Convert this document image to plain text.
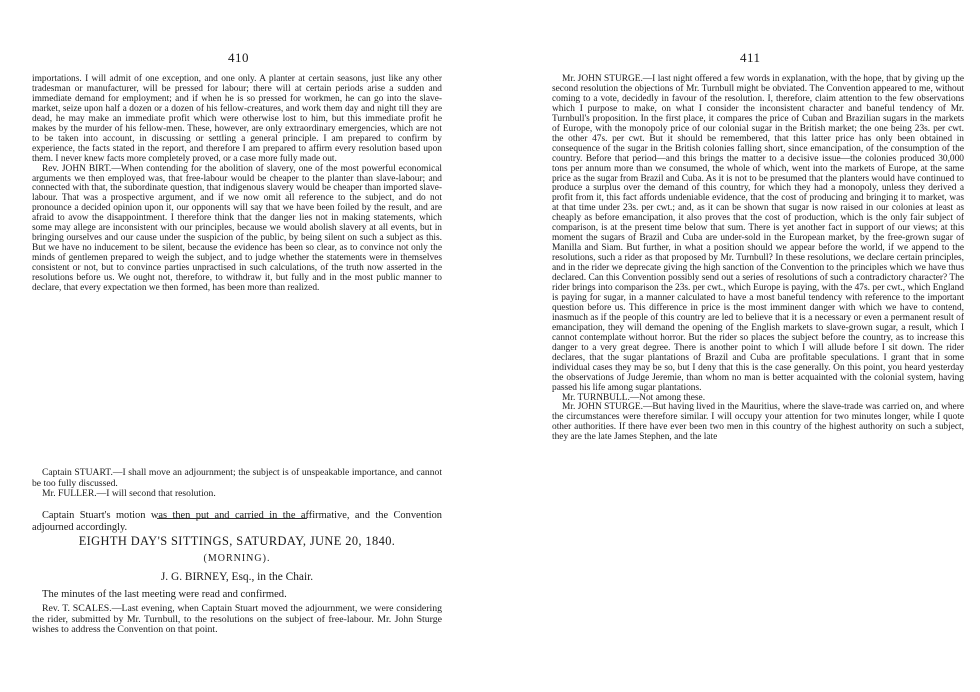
410

importations. I will admit of one exception, and one only. A planter at certain seasons, just like any other tradesman or manufacturer, will be pressed for labour; there will at certain periods arise a sudden and immediate demand for employment; and if when he is so pressed for workmen, he can go into the slave-market, seize upon half a dozen or a dozen of his fellow-creatures, and work them day and night till they are dead, he may make an immediate profit which were otherwise lost to him, but this immediate profit he makes by the murder of his fellow-men. These, however, are only extraordinary emergencies, which are not to be taken into account, in discussing or settling a general principle. I am prepared to confirm by experience, the facts stated in the report, and therefore I am prepared to affirm every resolution based upon them. I never knew facts more completely proved, or a case more fully made out.

Rev. JOHN BIRT.—When contending for the abolition of slavery, one of the most powerful economical arguments we then employed was, that free-labour would be cheaper to the planter than slave-labour; and connected with that, the subordinate question, that indigenous slavery would be cheaper than imported slave-labour. That was a prospective argument, and if we now omit all reference to the subject, and do not pronounce a decided opinion upon it, our opponents will say that we have been foiled by the result, and are afraid to avow the disappointment. I therefore think that the danger lies not in making statements, which some may allege are inconsistent with our principles, because we would abolish slavery at all events, but in bringing ourselves and our cause under the suspicion of the public, by being silent on such a subject as this. But we have no inducement to be silent, because the evidence has been so clear, as to convince not only the minds of gentlemen prepared to weigh the subject, and to judge whether the statements were in themselves consistent or not, but to convince parties unpractised in such calculations, of the truth now asserted in the resolutions before us. We ought not, therefore, to withdraw it, but fully and in the most public manner to declare, that every expectation we then formed, has been more than realized.

Captain STUART.—I shall move an adjournment; the subject is of unspeakable importance, and cannot be too fully discussed.

Mr. FULLER.—I will second that resolution.

Captain Stuart's motion was then put and carried in the affirmative, and the Convention adjourned accordingly.

EIGHTH DAY'S SITTINGS, SATURDAY, JUNE 20, 1840.
(MORNING).
J. G. BIRNEY, Esq., in the Chair.

The minutes of the last meeting were read and confirmed.

Rev. T. SCALES.—Last evening, when Captain Stuart moved the adjournment, we were considering the rider, submitted by Mr. Turnbull, to the resolutions on the subject of free-labour. Mr. John Sturge wishes to address the Convention on that point.

411

Mr. JOHN STURGE.—I last night offered a few words in explanation, with the hope, that by giving up the second resolution the objections of Mr. Turnbull might be obviated. The Convention appeared to me, without coming to a vote, decidedly in favour of the resolution. I, therefore, claim attention to the few observations which I purpose to make, on what I consider the inconsistent character and baneful tendency of Mr. Turnbull's proposition. In the first place, it compares the price of Cuban and Brazilian sugars in the markets of Europe, with the monopoly price of our colonial sugar in the British market; the one being 23s. per cwt. the other 47s. per cwt. But it should be remembered, that this latter price has only been obtained in consequence of the sugar in the British colonies falling short, since emancipation, of the consumption of the country. Before that period—and this brings the matter to a decisive issue—the colonies produced 30,000 tons per annum more than we consumed, the whole of which, went into the markets of Europe, at the same price as the sugar from Brazil and Cuba. As it is not to be presumed that the planters would have continued to produce a surplus over the demand of this country, for which they had a monopoly, unless they derived a profit from it, this fact affords undeniable evidence, that the cost of producing and bringing it to market, was at that time under 23s. per cwt.; and, as it can be shown that sugar is now raised in our colonies at least as cheaply as before emancipation, it also proves that the cost of production, which is the only fair subject of comparison, is at the present time below that sum. There is yet another fact in support of our views; at this moment the sugars of Brazil and Cuba are under-sold in the European market, by the free-grown sugar of Manilla and Siam. But further, in what a position should we appear before the world, if we append to the resolutions, such a rider as that proposed by Mr. Turnbull? In these resolutions, we declare certain principles, and in the rider we deprecate giving the high sanction of the Convention to the principles which we have thus declared. Can this Convention possibly send out a series of resolutions of such a contradictory character? The rider brings into comparison the 23s. per cwt., which Europe is paying, with the 47s. per cwt., which England is paying for sugar, in a manner calculated to have a most baneful tendency with reference to the important question before us. This difference in price is the most imminent danger with which we have to contend, inasmuch as if the people of this country are led to believe that it is a necessary or even a permanent result of emancipation, they will demand the opening of the English markets to slave-grown sugar, a result, which I cannot contemplate without horror. But the rider so places the subject before the country, as to increase this danger to a very great degree. There is another point to which I will allude before I sit down. The rider declares, that the sugar plantations of Brazil and Cuba are profitable speculations. I grant that in some individual cases they may be so, but I deny that this is the case generally. On this point, you heard yesterday the observations of Judge Jeremie, than whom no man is better acquainted with the colonial system, having passed his life among sugar plantations.

Mr. TURNBULL.—Not among these.

Mr. JOHN STURGE.—But having lived in the Mauritius, where the slave-trade was carried on, and where the circumstances were therefore similar. I will occupy your attention for two minutes longer, while I quote other authorities. If there have ever been two men in this country of the highest authority on such a subject, they are the late James Stephen, and the late
